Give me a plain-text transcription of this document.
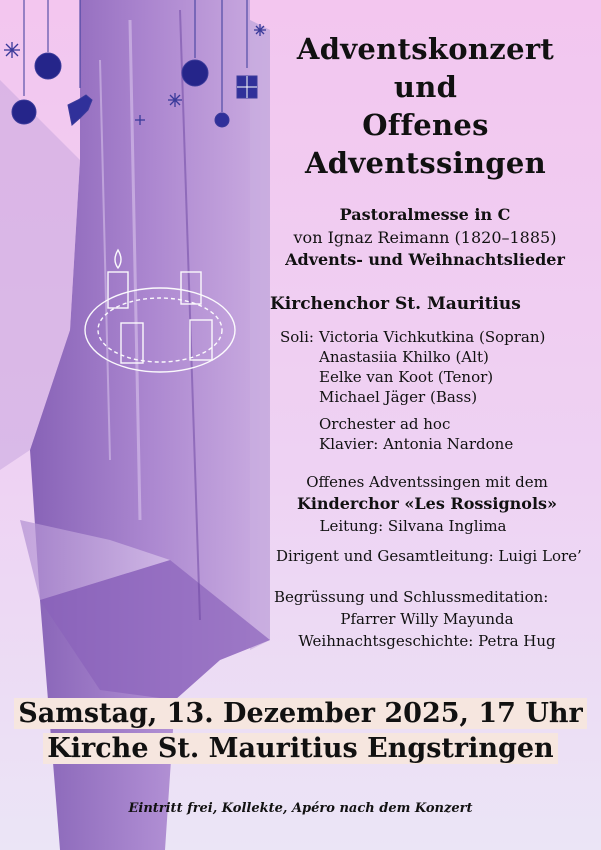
Adventskonzert
und
Offenes
Adventssingen
Pastoralmesse in C
von Ignaz Reimann (1820–1885)
Advents- und Weihnachtslieder
Kirchenchor St. Mauritius
Soli: Victoria Vichkutkina (Sopran)
Anastasiia Khilko (Alt)
Eelke van Koot (Tenor)
Michael Jäger (Bass)
Orchester ad hoc
Klavier: Antonia Nardone
Offenes Adventssingen mit dem
Kinderchor «Les Rossignols»
Leitung: Silvana Inglima
Dirigent und Gesamtleitung: Luigi Lore’
Begrüssung und Schlussmeditation:
Pfarrer Willy Mayunda
Weihnachtsgeschichte: Petra Hug
Samstag, 13. Dezember 2025, 17 Uhr
Kirche St. Mauritius Engstringen
Eintritt frei, Kollekte, Apéro nach dem Konzert
